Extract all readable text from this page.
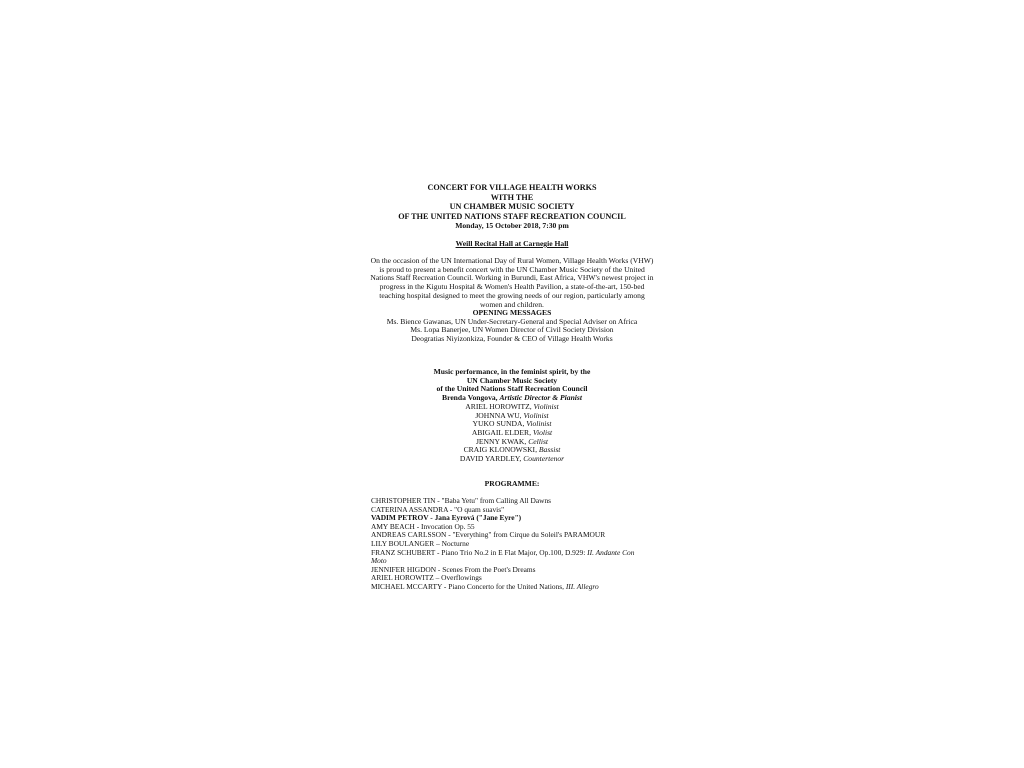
CONCERT FOR VILLAGE HEALTH WORKS
WITH THE
UN CHAMBER MUSIC SOCIETY
OF THE UNITED NATIONS STAFF RECREATION COUNCIL
Monday, 15 October 2018, 7:30 pm
Weill Recital Hall at Carnegie Hall
On the occasion of the UN International Day of Rural Women, Village Health Works (VHW)
is proud to present a benefit concert with the UN Chamber Music Society of the United
Nations Staff Recreation Council. Working in Burundi, East Africa, VHW's newest project in
progress in the Kigutu Hospital & Women's Health Pavilion, a state-of-the-art, 150-bed
teaching hospital designed to meet the growing needs of our region, particularly among
women and children.
OPENING MESSAGES
Ms. Bience Gawanas, UN Under-Secretary-General and Special Adviser on Africa
Ms. Lopa Banerjee, UN Women Director of Civil Society Division
Deogratias Niyizonkiza, Founder & CEO of Village Health Works
Music performance, in the feminist spirit, by the
UN Chamber Music Society
of the United Nations Staff Recreation Council
Brenda Vongova, Artistic Director & Pianist
ARIEL HOROWITZ, Violinist
JOHNNA WU, Violinist
YUKO SUNDA, Violinist
ABIGAIL ELDER, Violist
JENNY KWAK, Cellist
CRAIG KLONOWSKI, Bassist
DAVID YARDLEY, Countertenor
PROGRAMME:
CHRISTOPHER TIN - "Baba Yetu" from Calling All Dawns
CATERINA ASSANDRA - "O quam suavis"
VADIM PETROV - Jana Eyrová ("Jane Eyre")
AMY BEACH - Invocation Op. 55
ANDREAS CARLSSON - "Everything" from Cirque du Soleil's PARAMOUR
LILY BOULANGER – Nocturne
FRANZ SCHUBERT - Piano Trio No.2 in E Flat Major, Op.100, D.929: II. Andante Con
Moto
JENNIFER HIGDON - Scenes From the Poet's Dreams
ARIEL HOROWITZ – Overflowings
MICHAEL MCCARTY - Piano Concerto for the United Nations, III. Allegro
